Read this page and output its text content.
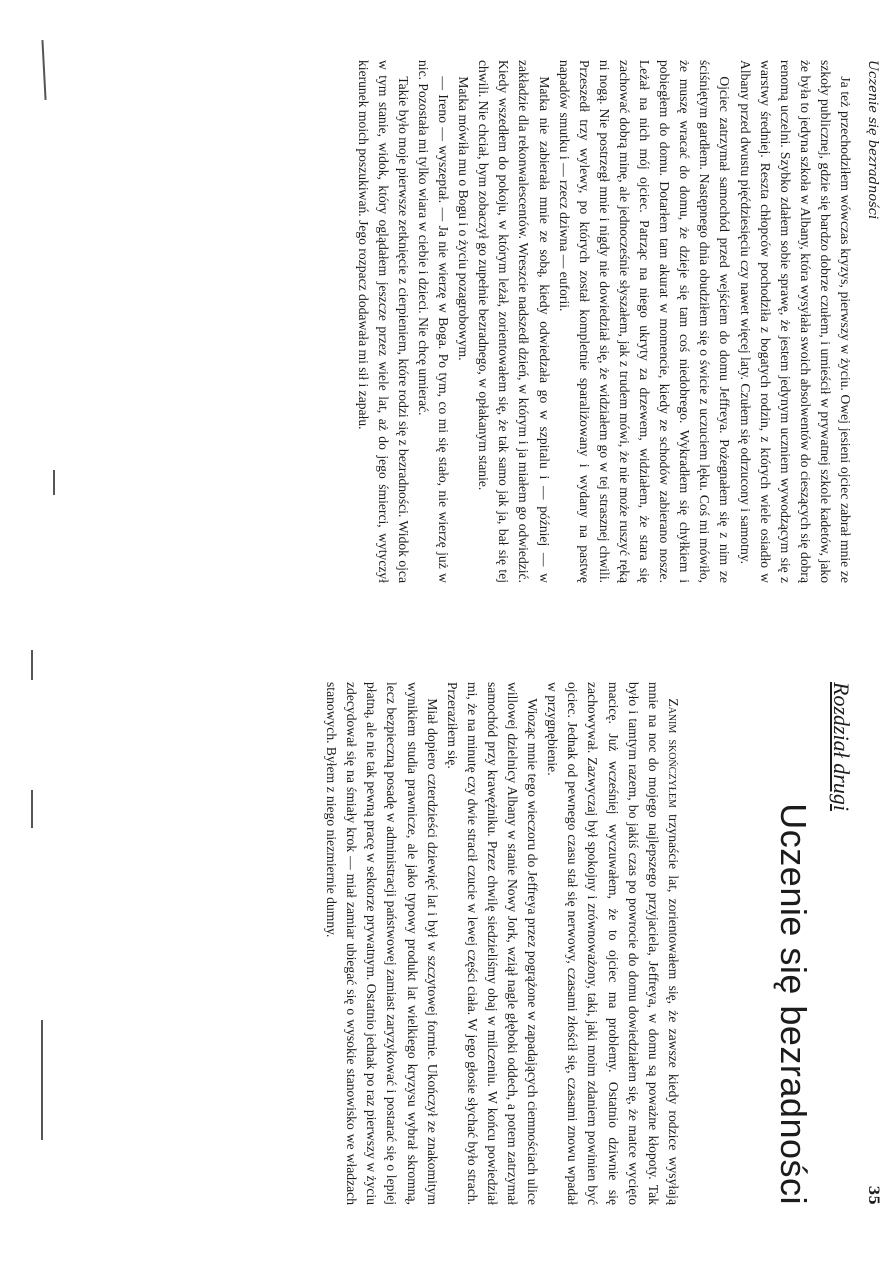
Uczenie się bezradności
35

Ja też przechodziłem wówczas kryzys, pierwszy w życiu. Owej jesieni ojciec zabrał mnie ze szkoły publicznej, gdzie się bardzo dobrze czułem, i umieścił w prywatnej szkole kadetów, jako że była to jedyna szkoła w Albany, która wysyłała swoich absolwentów do cieszących się dobrą renomą uczelni. Szybko zdałem sobie sprawę, że jestem jedynym uczniem wywodzącym się z warstwy średniej. Reszta chłopców pochodziła z bogatych rodzin, z których wiele osiadło w Albany przed dwustu pięćdziesięciu czy nawet więcej laty. Czułem się odrzucony i samotny.

Ojciec zatrzymał samochód przed wejściem do domu Jeffreya. Pożegnałem się z nim ze ściśniętym gardłem. Następnego dnia obudziłem się o świcie z uczuciem lęku. Coś mi mówiło, że muszę wracać do domu, że dzieje się tam coś niedobrego. Wykradłem się chyłkiem i pobiegłem do domu. Dotarłem tam akurat w momencie, kiedy ze schodów zabierano nosze. Leżał na nich mój ojciec. Patrząc na niego ukryty za drzewem, widziałem, że stara się zachować dobrą minę, ale jednocześnie słyszałem, jak z trudem mówi, że nie może ruszyć ręką ni nogą. Nie postrzegł mnie i nigdy nie dowiedział się, że widziałem go w tej strasznej chwili. Przeszedł trzy wylewy, po których został kompletnie sparaliżowany i wydany na pastwę napadów smutku i — rzecz dziwna — euforii.

Matka nie zabierała mnie ze sobą, kiedy odwiedzała go w szpitalu i — później — w zakładzie dla rekonwalescentów. Wreszcie nadszedł dzień, w którym i ja miałem go odwiedzić. Kiedy wszedłem do pokoju, w którym leżał, zorientowałem się, że tak samo jak ja, bał się tej chwili. Nie chciał, bym zobaczył go zupełnie bezradnego, w opłakanym stanie.

Matka mówiła mu o Bogu i o życiu pozagrobowym.

— Ireno — wyszeptał. — Ja nie wierzę w Boga. Po tym, co mi się stało, nie wierzę już w nic. Pozostała mi tylko wiara w ciebie i dzieci. Nie chcę umierać.

Takie było moje pierwsze zetknięcie z cierpieniem, które rodzi się z bezradności. Widok ojca w tym stanie, widok, który oglądałem jeszcze przez wiele lat, aż do jego śmierci, wytyczył kierunek moich poszukiwań. Jego rozpacz dodawała mi sił i zapału.

Rozdział drugi
Uczenie się bezradności

Zanim skończyłem trzynaście lat, zorientowałem się, że zawsze kiedy rodzice wysyłają mnie na noc do mojego najlepszego przyjaciela, Jeffreya, w domu są poważne kłopoty. Tak było i tamtym razem, bo jakiś czas po powrocie do domu dowiedziałem się, że matce wycięto macicę. Już wcześniej wyczuwałem, że to ojciec ma problemy. Ostatnio dziwnie się zachowywał. Zazwyczaj był spokojny i zrównoważony, taki, jaki moim zdaniem powinien być ojciec. Jednak od pewnego czasu stał się nerwowy, czasami złościł się, czasami znowu wpadał w przygnębienie.

Wioząc mnie tego wieczoru do Jeffreya przez pogrążone w zapadających ciemnościach ulice willowej dzielnicy Albany w stanie Nowy Jork, wziął nagle głęboki oddech, a potem zatrzymał samochód przy krawężniku. Przez chwilę siedzieliśmy obaj w milczeniu. W końcu powiedział mi, że na minutę czy dwie stracił czucie w lewej części ciała. W jego głosie słychać było strach. Przeraziłem się.

Miał dopiero czterdzieści dziewięć lat i był w szczytowej formie. Ukończył ze znakomitym wynikiem studia prawnicze, ale jako typowy produkt lat wielkiego kryzysu wybrał skromną, lecz bezpieczną posadę w administracji państwowej zamiast zaryzykować i postarać się o lepiej płatną, ale nie tak pewną pracę w sektorze prywatnym. Ostatnio jednak po raz pierwszy w życiu zdecydował się na śmiały krok — miał zamiar ubiegać się o wysokie stanowisko we władzach stanowych. Byłem z niego niezmiernie dumny.
